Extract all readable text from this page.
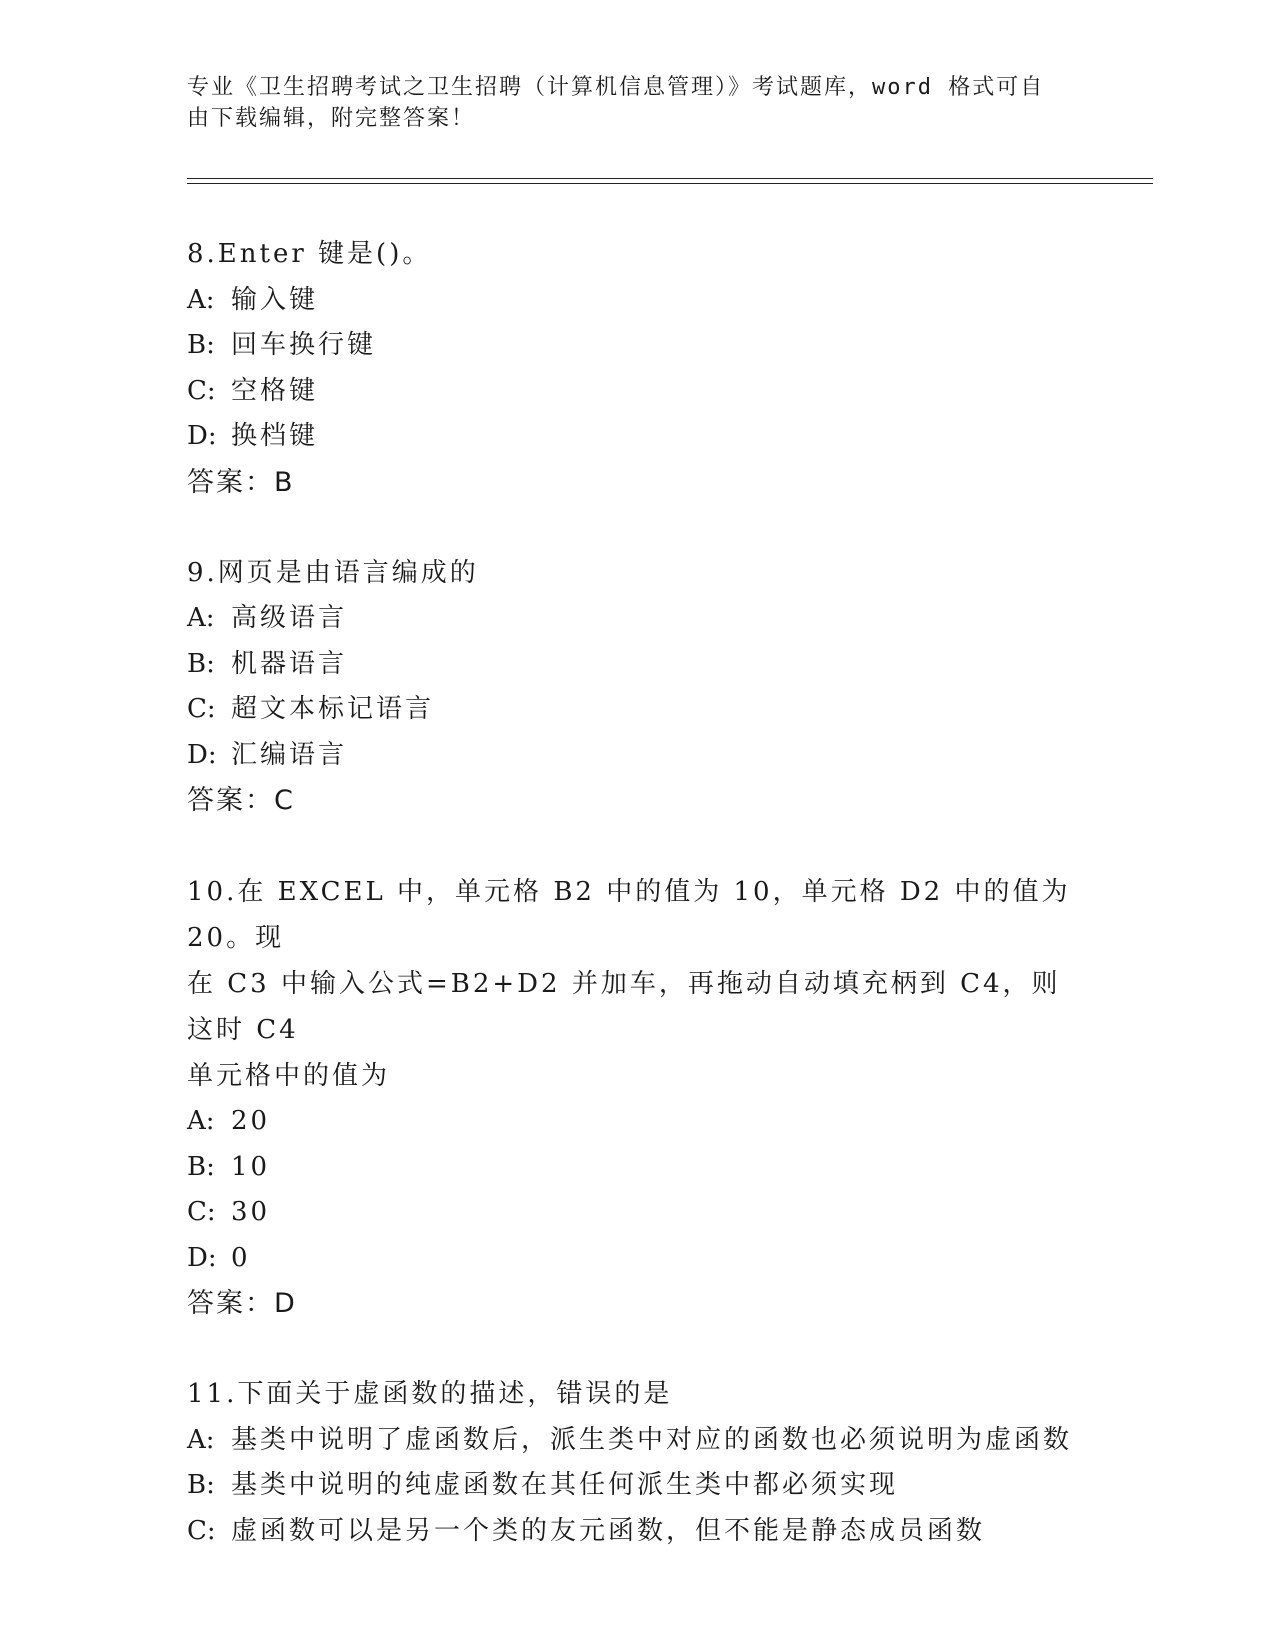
专业《卫生招聘考试之卫生招聘（计算机信息管理）》考试题库，word 格式可自
由下载编辑，附完整答案！
8.Enter 键是()。
A: 输入键
B: 回车换行键
C: 空格键
D: 换档键
答案：B
9.网页是由语言编成的
A: 高级语言
B: 机器语言
C: 超文本标记语言
D: 汇编语言
答案：C
10.在 EXCEL 中，单元格 B2 中的值为 10，单元格 D2 中的值为 20。现
在 C3 中输入公式=B2+D2 并加车，再拖动自动填充柄到 C4，则这时 C4
单元格中的值为
A: 20
B: 10
C: 30
D: 0
答案：D
11.下面关于虚函数的描述，错误的是
A: 基类中说明了虚函数后，派生类中对应的函数也必须说明为虚函数
B: 基类中说明的纯虚函数在其任何派生类中都必须实现
C: 虚函数可以是另一个类的友元函数，但不能是静态成员函数
